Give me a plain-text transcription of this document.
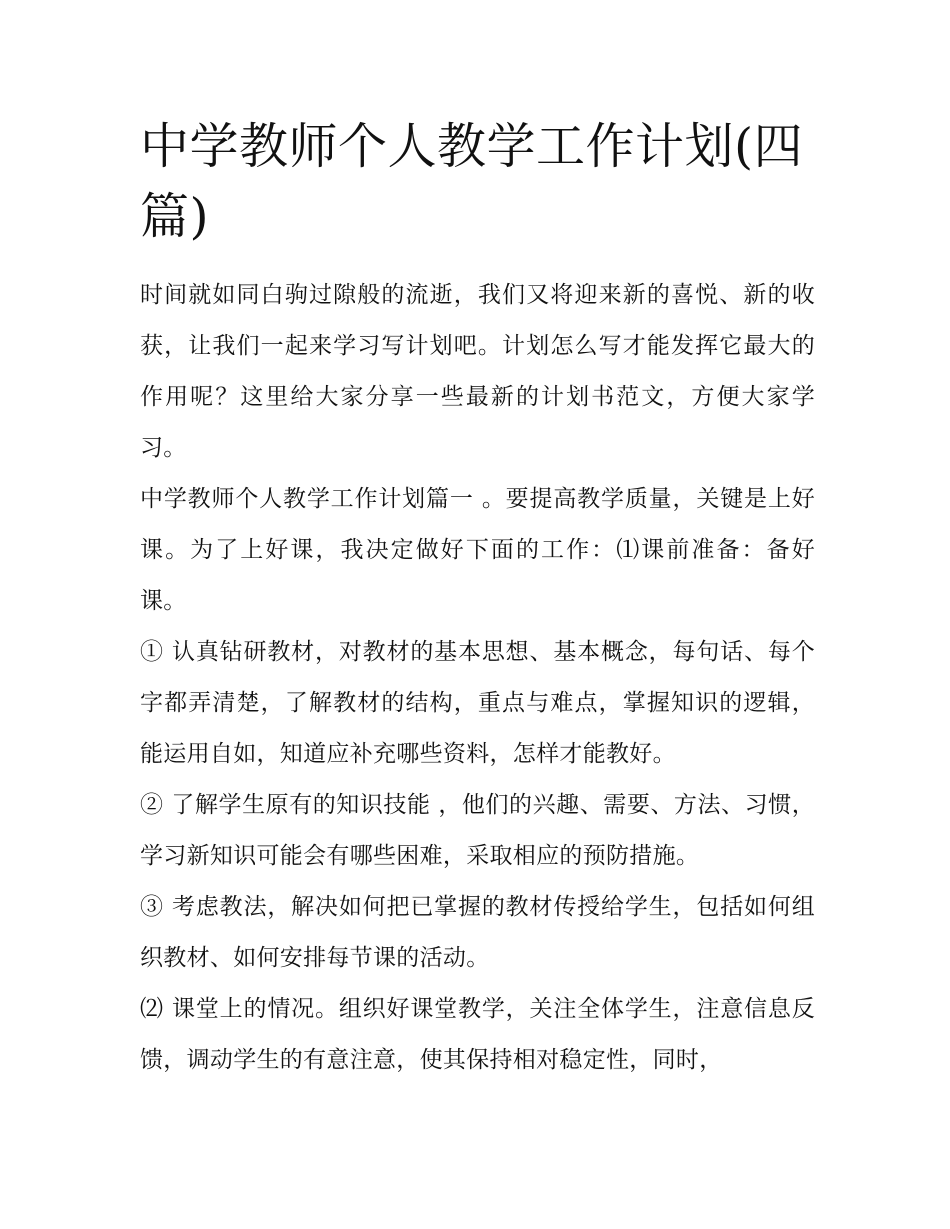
中学教师个人教学工作计划(四篇)

时间就如同白驹过隙般的流逝，我们又将迎来新的喜悦、新的收获，让我们一起来学习写计划吧。计划怎么写才能发挥它最大的作用呢？这里给大家分享一些最新的计划书范文，方便大家学习。

中学教师个人教学工作计划篇一 。要提高教学质量，关键是上好课。为了上好课，我决定做好下面的工作：⑴课前准备：备好课。

① 认真钻研教材，对教材的基本思想、基本概念，每句话、每个字都弄清楚，了解教材的结构，重点与难点，掌握知识的逻辑，能运用自如，知道应补充哪些资料，怎样才能教好。

② 了解学生原有的知识技能 ，他们的兴趣、需要、方法、习惯，学习新知识可能会有哪些困难，采取相应的预防措施。

③ 考虑教法，解决如何把已掌握的教材传授给学生，包括如何组织教材、如何安排每节课的活动。

⑵ 课堂上的情况。组织好课堂教学，关注全体学生，注意信息反馈，调动学生的有意注意，使其保持相对稳定性，同时，
